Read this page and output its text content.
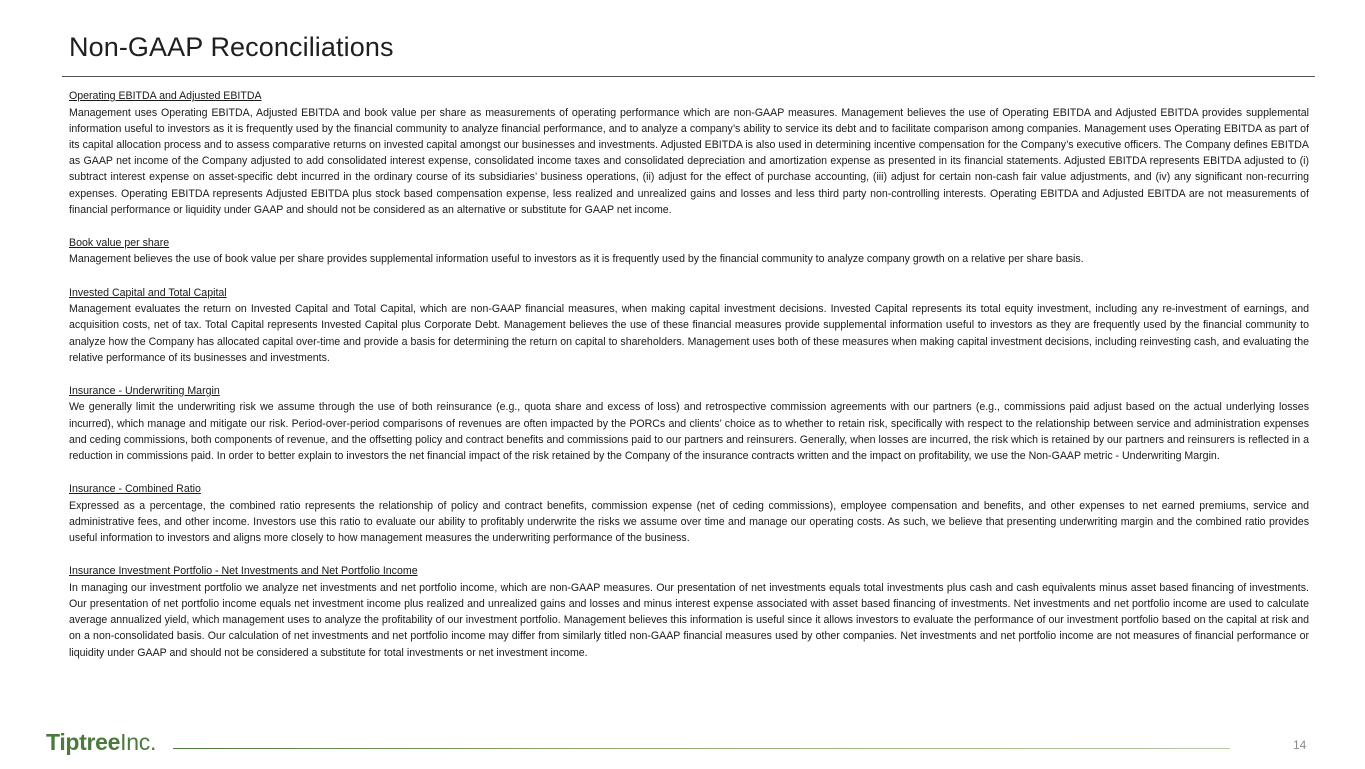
Non-GAAP Reconciliations
Operating EBITDA and Adjusted EBITDA

Management uses Operating EBITDA, Adjusted EBITDA and book value per share as measurements of operating performance which are non-GAAP measures. Management believes the use of Operating EBITDA and Adjusted EBITDA provides supplemental information useful to investors as it is frequently used by the financial community to analyze financial performance, and to analyze a company’s ability to service its debt and to facilitate comparison among companies. Management uses Operating EBITDA as part of its capital allocation process and to assess comparative returns on invested capital amongst our businesses and investments. Adjusted EBITDA is also used in determining incentive compensation for the Company’s executive officers. The Company defines EBITDA as GAAP net income of the Company adjusted to add consolidated interest expense, consolidated income taxes and consolidated depreciation and amortization expense as presented in its financial statements. Adjusted EBITDA represents EBITDA adjusted to (i) subtract interest expense on asset-specific debt incurred in the ordinary course of its subsidiaries’ business operations, (ii) adjust for the effect of purchase accounting, (iii) adjust for certain non-cash fair value adjustments, and (iv) any significant non-recurring expenses. Operating EBITDA represents Adjusted EBITDA plus stock based compensation expense, less realized and unrealized gains and losses and less third party non-controlling interests. Operating EBITDA and Adjusted EBITDA are not measurements of financial performance or liquidity under GAAP and should not be considered as an alternative or substitute for GAAP net income.

Book value per share

Management believes the use of book value per share provides supplemental information useful to investors as it is frequently used by the financial community to analyze company growth on a relative per share basis.

Invested Capital and Total Capital

Management evaluates the return on Invested Capital and Total Capital, which are non-GAAP financial measures, when making capital investment decisions. Invested Capital represents its total equity investment, including any re-investment of earnings, and acquisition costs, net of tax. Total Capital represents Invested Capital plus Corporate Debt. Management believes the use of these financial measures provide supplemental information useful to investors as they are frequently used by the financial community to analyze how the Company has allocated capital over-time and provide a basis for determining the return on capital to shareholders. Management uses both of these measures when making capital investment decisions, including reinvesting cash, and evaluating the relative performance of its businesses and investments.

Insurance - Underwriting Margin

We generally limit the underwriting risk we assume through the use of both reinsurance (e.g., quota share and excess of loss) and retrospective commission agreements with our partners (e.g., commissions paid adjust based on the actual underlying losses incurred), which manage and mitigate our risk. Period-over-period comparisons of revenues are often impacted by the PORCs and clients’ choice as to whether to retain risk, specifically with respect to the relationship between service and administration expenses and ceding commissions, both components of revenue, and the offsetting policy and contract benefits and commissions paid to our partners and reinsurers. Generally, when losses are incurred, the risk which is retained by our partners and reinsurers is reflected in a reduction in commissions paid. In order to better explain to investors the net financial impact of the risk retained by the Company of the insurance contracts written and the impact on profitability, we use the Non-GAAP metric - Underwriting Margin.

Insurance - Combined Ratio

Expressed as a percentage, the combined ratio represents the relationship of policy and contract benefits, commission expense (net of ceding commissions), employee compensation and benefits, and other expenses to net earned premiums, service and administrative fees, and other income. Investors use this ratio to evaluate our ability to profitably underwrite the risks we assume over time and manage our operating costs. As such, we believe that presenting underwriting margin and the combined ratio provides useful information to investors and aligns more closely to how management measures the underwriting performance of the business.

Insurance Investment Portfolio - Net Investments and Net Portfolio Income

In managing our investment portfolio we analyze net investments and net portfolio income, which are non-GAAP measures. Our presentation of net investments equals total investments plus cash and cash equivalents minus asset based financing of investments. Our presentation of net portfolio income equals net investment income plus realized and unrealized gains and losses and minus interest expense associated with asset based financing of investments. Net investments and net portfolio income are used to calculate average annualized yield, which management uses to analyze the profitability of our investment portfolio. Management believes this information is useful since it allows investors to evaluate the performance of our investment portfolio based on the capital at risk and on a non-consolidated basis. Our calculation of net investments and net portfolio income may differ from similarly titled non-GAAP financial measures used by other companies. Net investments and net portfolio income are not measures of financial performance or liquidity under GAAP and should not be considered a substitute for total investments or net investment income.

TiptreeInc.	14
